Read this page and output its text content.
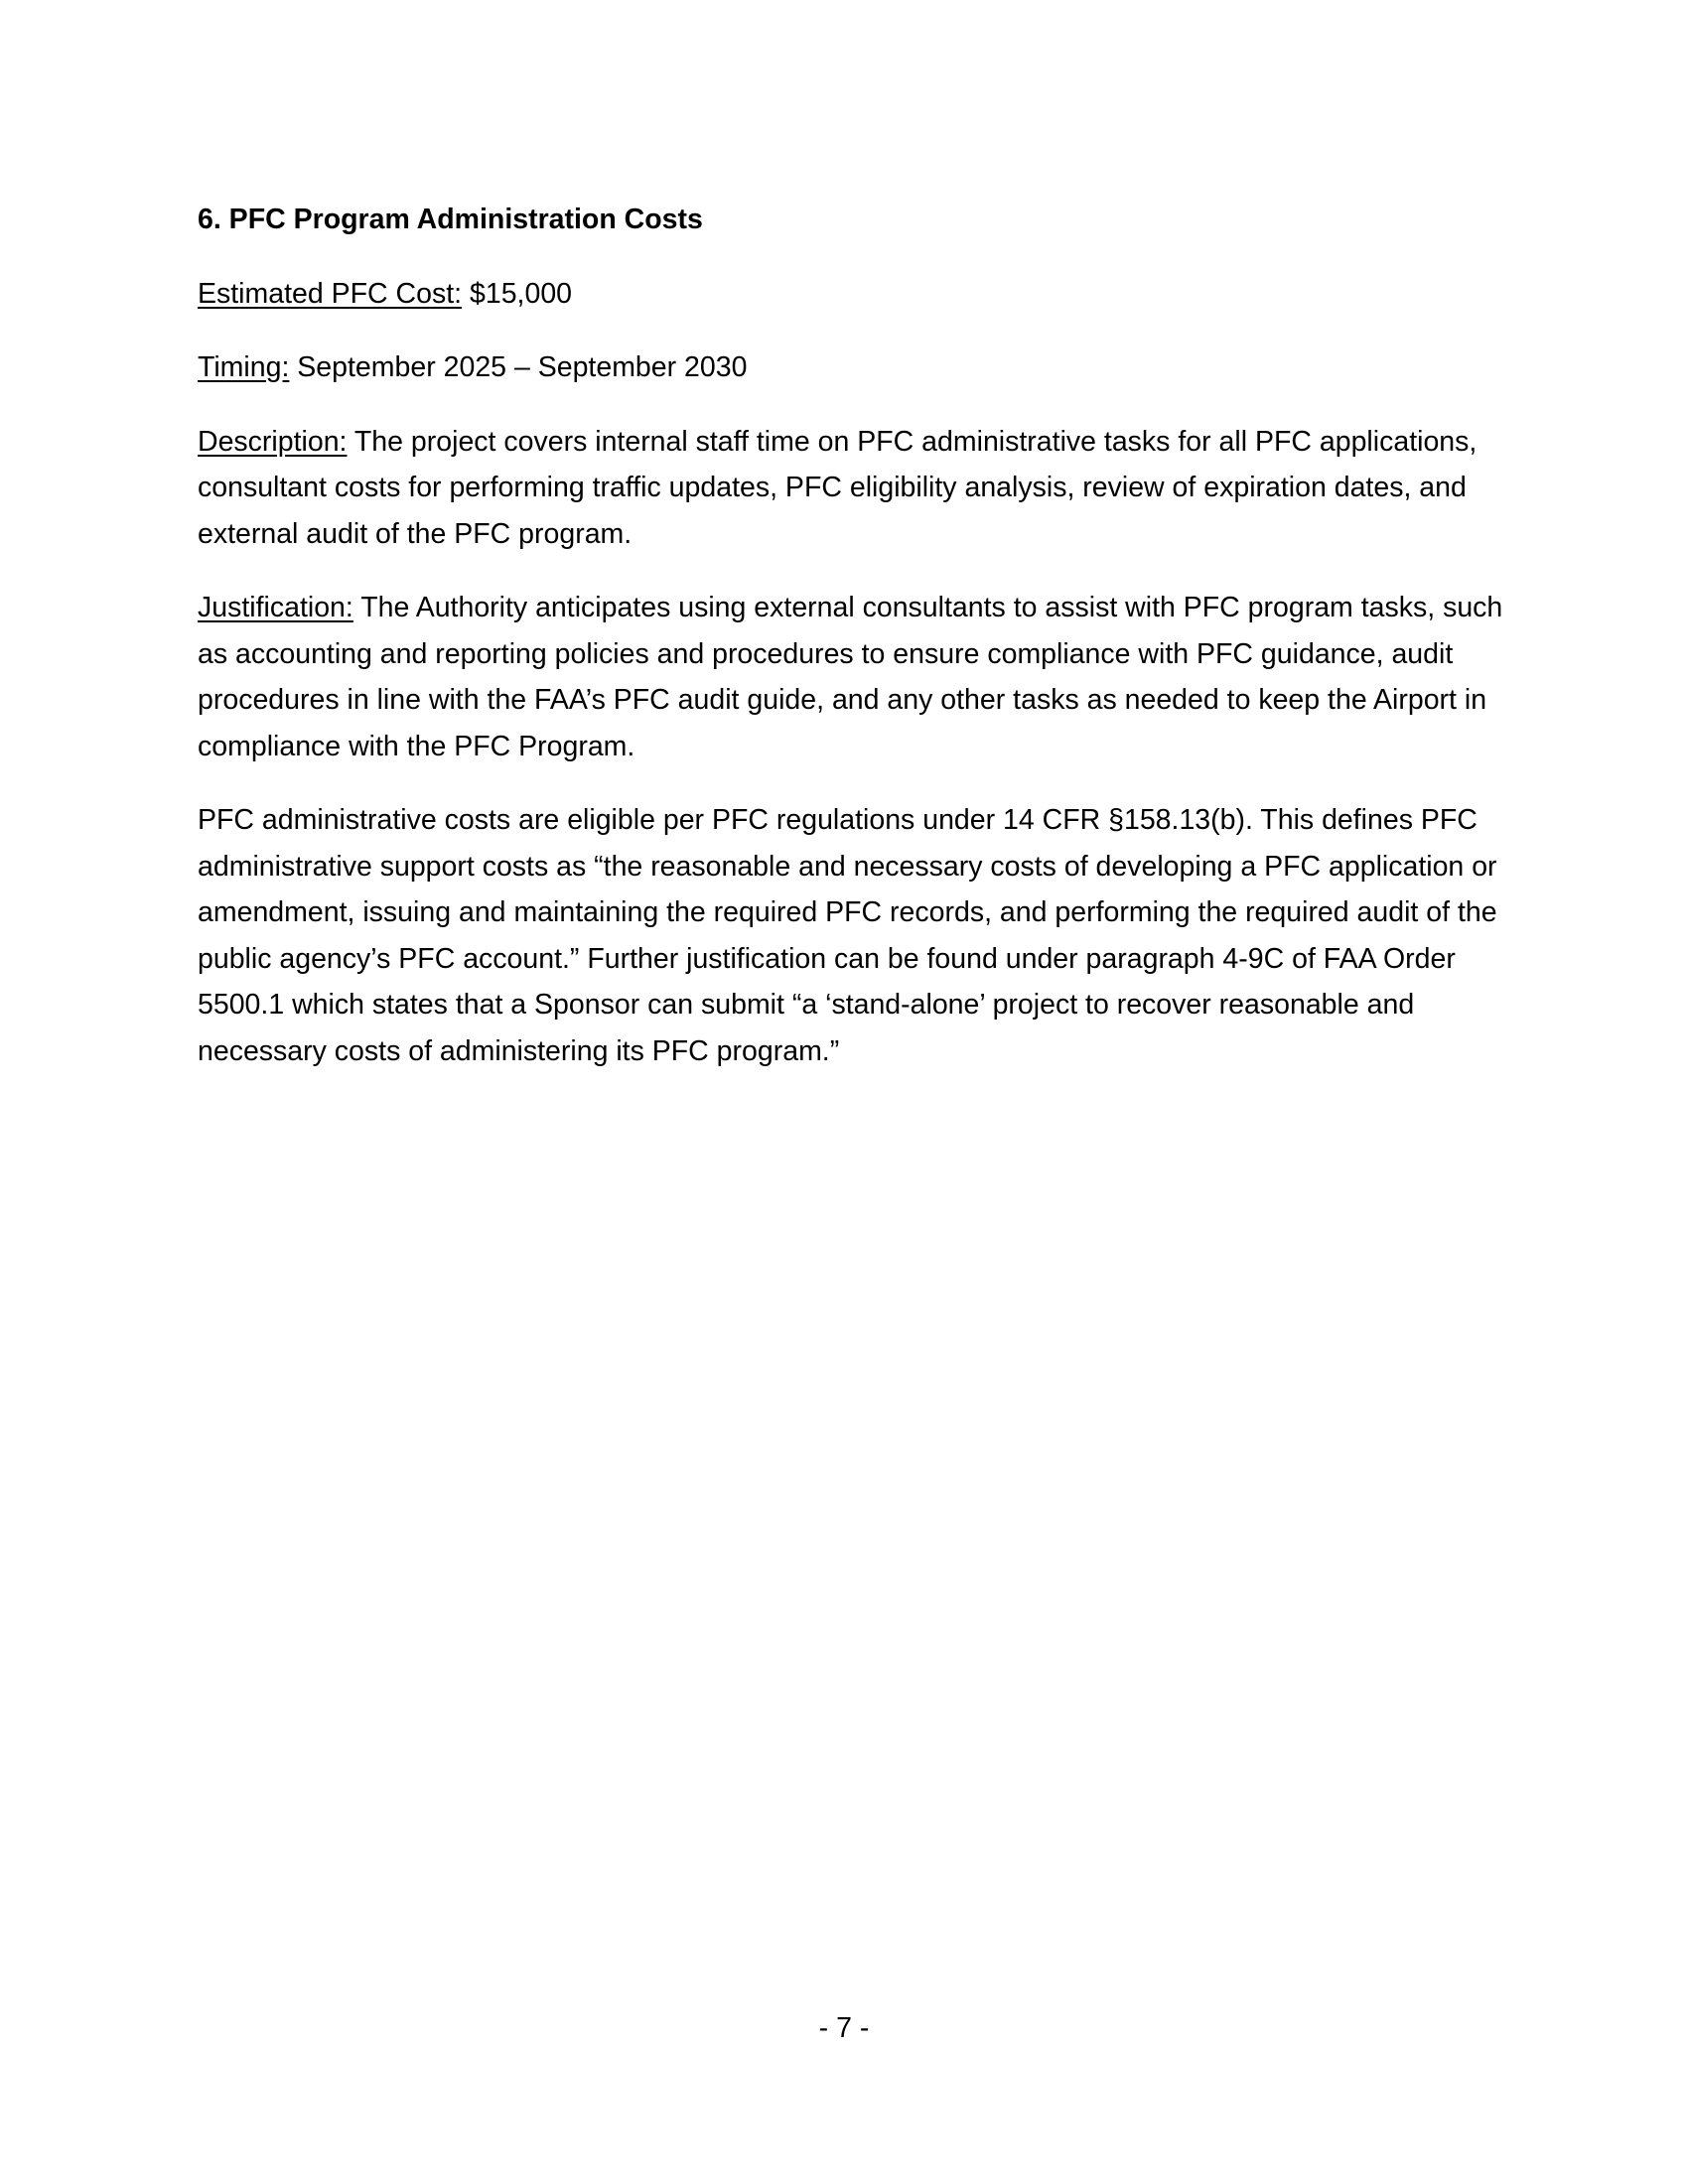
6. PFC Program Administration Costs
Estimated PFC Cost: $15,000
Timing: September 2025 – September 2030
Description: The project covers internal staff time on PFC administrative tasks for all PFC applications, consultant costs for performing traffic updates, PFC eligibility analysis, review of expiration dates, and external audit of the PFC program.
Justification: The Authority anticipates using external consultants to assist with PFC program tasks, such as accounting and reporting policies and procedures to ensure compliance with PFC guidance, audit procedures in line with the FAA’s PFC audit guide, and any other tasks as needed to keep the Airport in compliance with the PFC Program.
PFC administrative costs are eligible per PFC regulations under 14 CFR §158.13(b). This defines PFC administrative support costs as “the reasonable and necessary costs of developing a PFC application or amendment, issuing and maintaining the required PFC records, and performing the required audit of the public agency’s PFC account.” Further justification can be found under paragraph 4-9C of FAA Order 5500.1 which states that a Sponsor can submit “a ‘stand-alone’ project to recover reasonable and necessary costs of administering its PFC program.”
- 7 -
